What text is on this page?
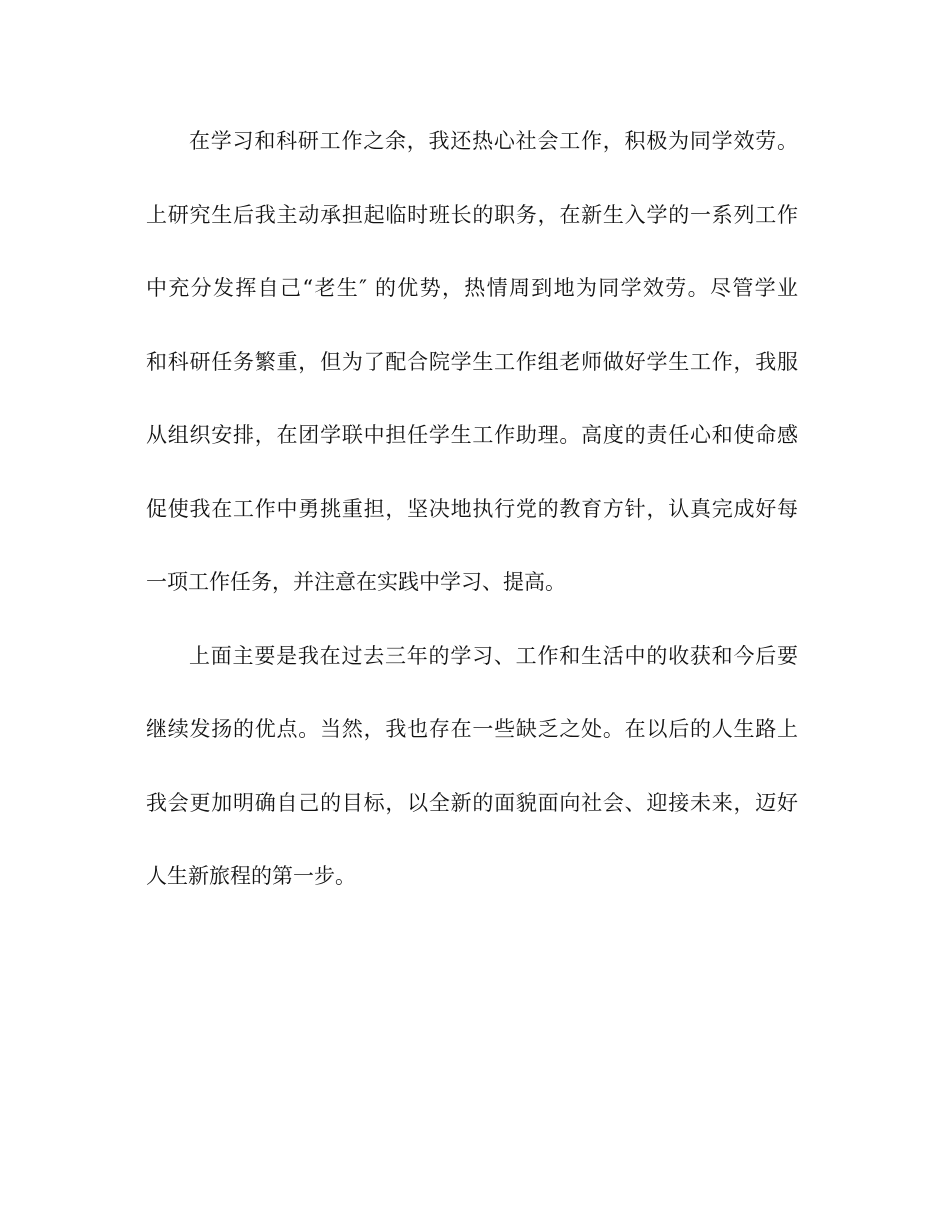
在学习和科研工作之余，我还热心社会工作，积极为同学效劳。
上研究生后我主动承担起临时班长的职务，在新生入学的一系列工作
中充分发挥自己“老生″ 的优势，热情周到地为同学效劳。尽管学业
和科研任务繁重，但为了配合院学生工作组老师做好学生工作，我服
从组织安排，在团学联中担任学生工作助理。高度的责任心和使命感
促使我在工作中勇挑重担，坚决地执行党的教育方针，认真完成好每
一项工作任务，并注意在实践中学习、提高。
上面主要是我在过去三年的学习、工作和生活中的收获和今后要
继续发扬的优点。当然，我也存在一些缺乏之处。在以后的人生路上
我会更加明确自己的目标，以全新的面貌面向社会、迎接未来，迈好
人生新旅程的第一步。
